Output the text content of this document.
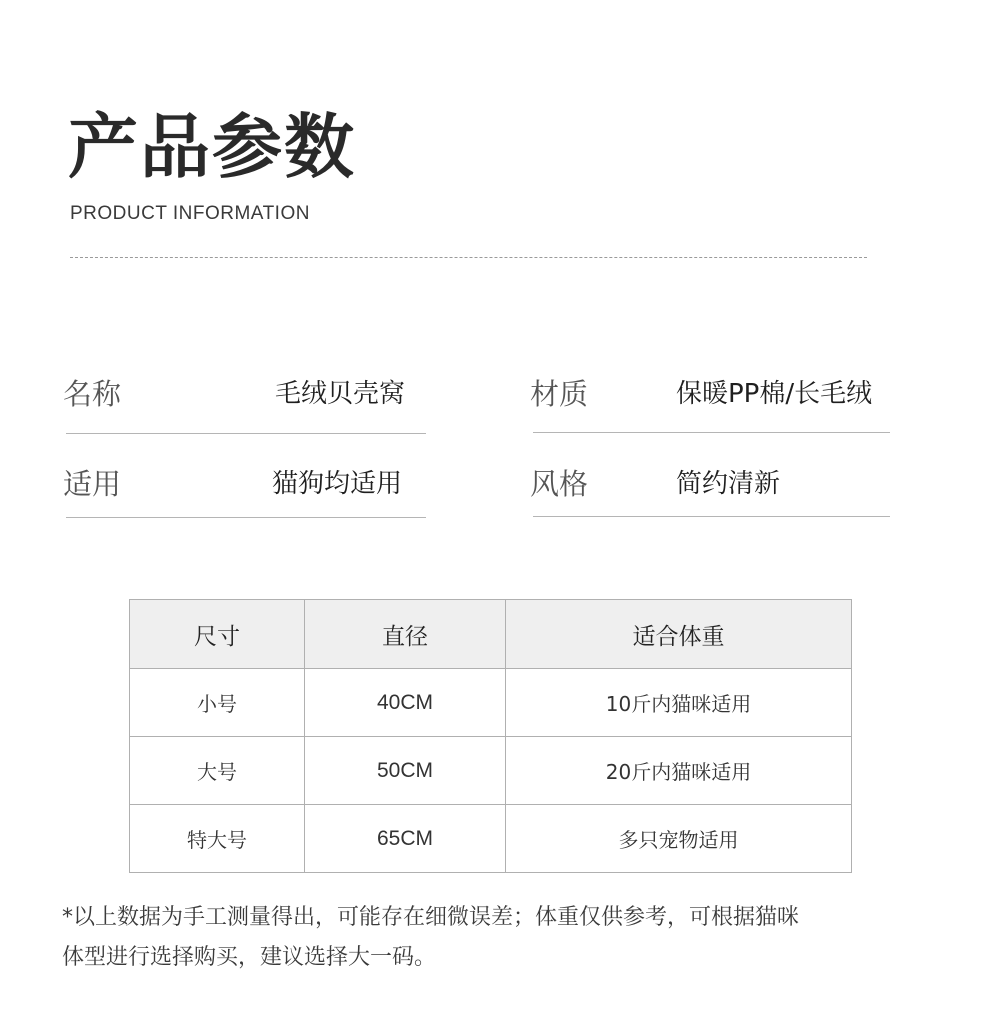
产品参数
PRODUCT INFORMATION
名称	毛绒贝壳窝	材质	保暖PP棉/长毛绒
适用	猫狗均适用	风格	简约清新
尺寸	直径	适合体重
小号	40CM	10斤内猫咪适用
大号	50CM	20斤内猫咪适用
特大号	65CM	多只宠物适用
*以上数据为手工测量得出，可能存在细微误差；体重仅供参考，可根据猫咪
体型进行选择购买，建议选择大一码。
